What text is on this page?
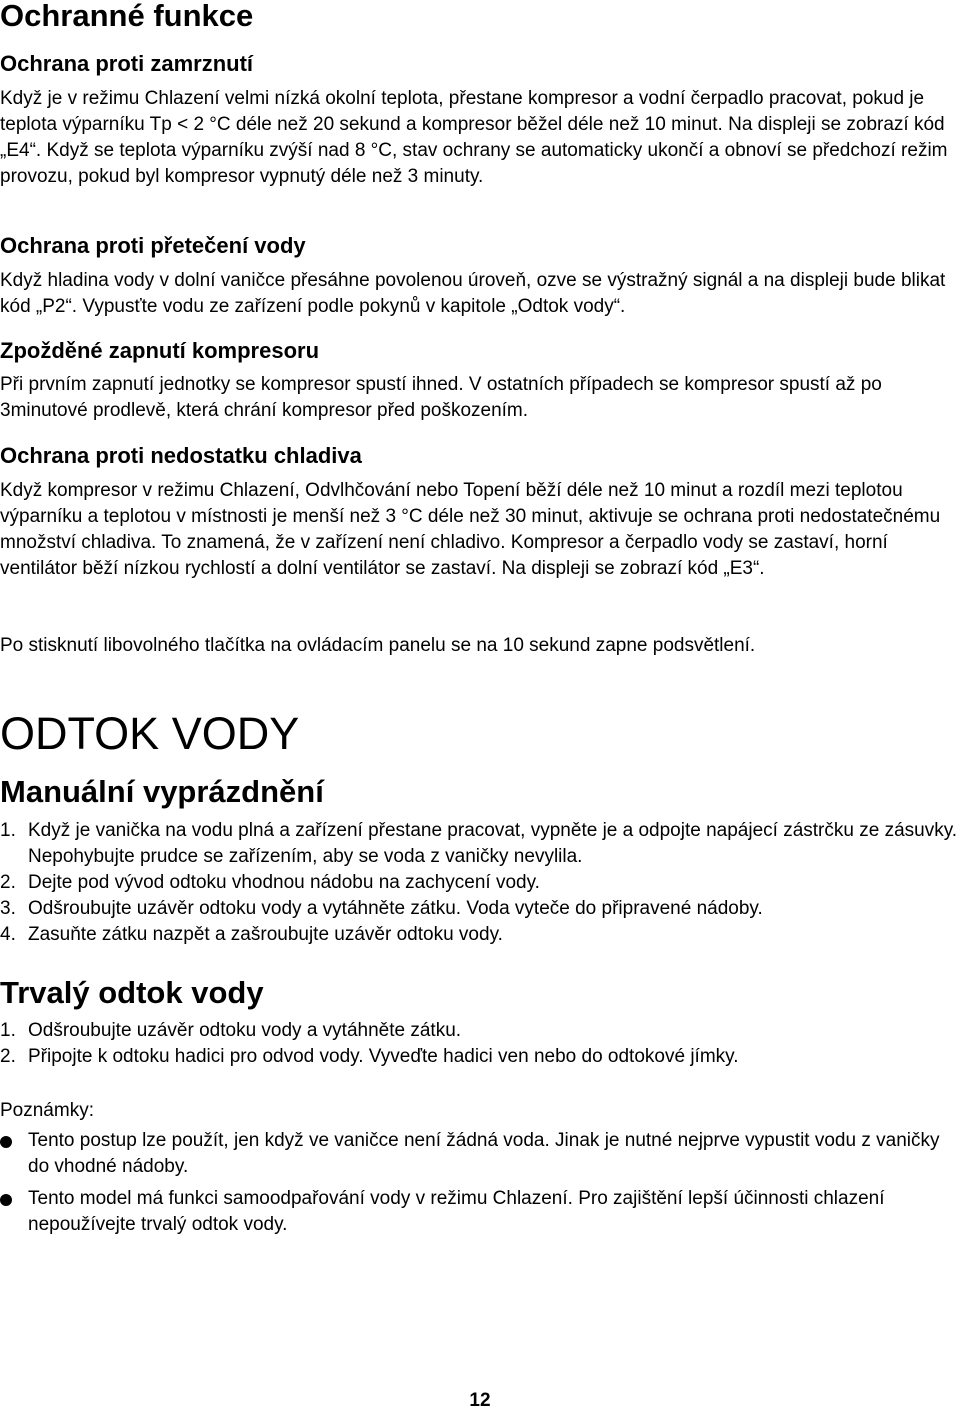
Ochranné funkce
Ochrana proti zamrznutí
Když je v režimu Chlazení velmi nízká okolní teplota, přestane kompresor a vodní čerpadlo pracovat, pokud je teplota výparníku Tp < 2 °C déle než 20 sekund a kompresor běžel déle než 10 minut. Na displeji se zobrazí kód „E4“. Když se teplota výparníku zvýší nad 8 °C, stav ochrany se automaticky ukončí a obnoví se předchozí režim provozu, pokud byl kompresor vypnutý déle než 3 minuty.
Ochrana proti přetečení vody
Když hladina vody v dolní vaničce přesáhne povolenou úroveň, ozve se výstražný signál a na displeji bude blikat kód „P2“. Vypusťte vodu ze zařízení podle pokynů v kapitole „Odtok vody“.
Zpožděné zapnutí kompresoru
Při prvním zapnutí jednotky se kompresor spustí ihned. V ostatních případech se kompresor spustí až po 3minutové prodlevě, která chrání kompresor před poškozením.
Ochrana proti nedostatku chladiva
Když kompresor v režimu Chlazení, Odvlhčování nebo Topení běží déle než 10 minut a rozdíl mezi teplotou výparníku a teplotou v místnosti je menší než 3 °C déle než 30 minut, aktivuje se ochrana proti nedostatečnému množství chladiva. To znamená, že v zařízení není chladivo. Kompresor a čerpadlo vody se zastaví, horní ventilátor běží nízkou rychlostí a dolní ventilátor se zastaví. Na displeji se zobrazí kód „E3“.
Po stisknutí libovolného tlačítka na ovládacím panelu se na 10 sekund zapne podsvětlení.
ODTOK VODY
Manuální vyprázdnění
1. Když je vanička na vodu plná a zařízení přestane pracovat, vypněte je a odpojte napájecí zástrčku ze zásuvky. Nepohybujte prudce se zařízením, aby se voda z vaničky nevylila.
2. Dejte pod vývod odtoku vhodnou nádobu na zachycení vody.
3. Odšroubujte uzávěr odtoku vody a vytáhněte zátku. Voda vyteče do připravené nádoby.
4. Zasuňte zátku nazpět a zašroubujte uzávěr odtoku vody.
Trvalý odtok vody
1. Odšroubujte uzávěr odtoku vody a vytáhněte zátku.
2. Připojte k odtoku hadici pro odvod vody. Vyveďte hadici ven nebo do odtokové jímky.
Poznámky:
Tento postup lze použít, jen když ve vaničce není žádná voda. Jinak je nutné nejprve vypustit vodu z vaničky do vhodné nádoby.
Tento model má funkci samoodpařování vody v režimu Chlazení. Pro zajištění lepší účinnosti chlazení nepoužívejte trvalý odtok vody.
12
